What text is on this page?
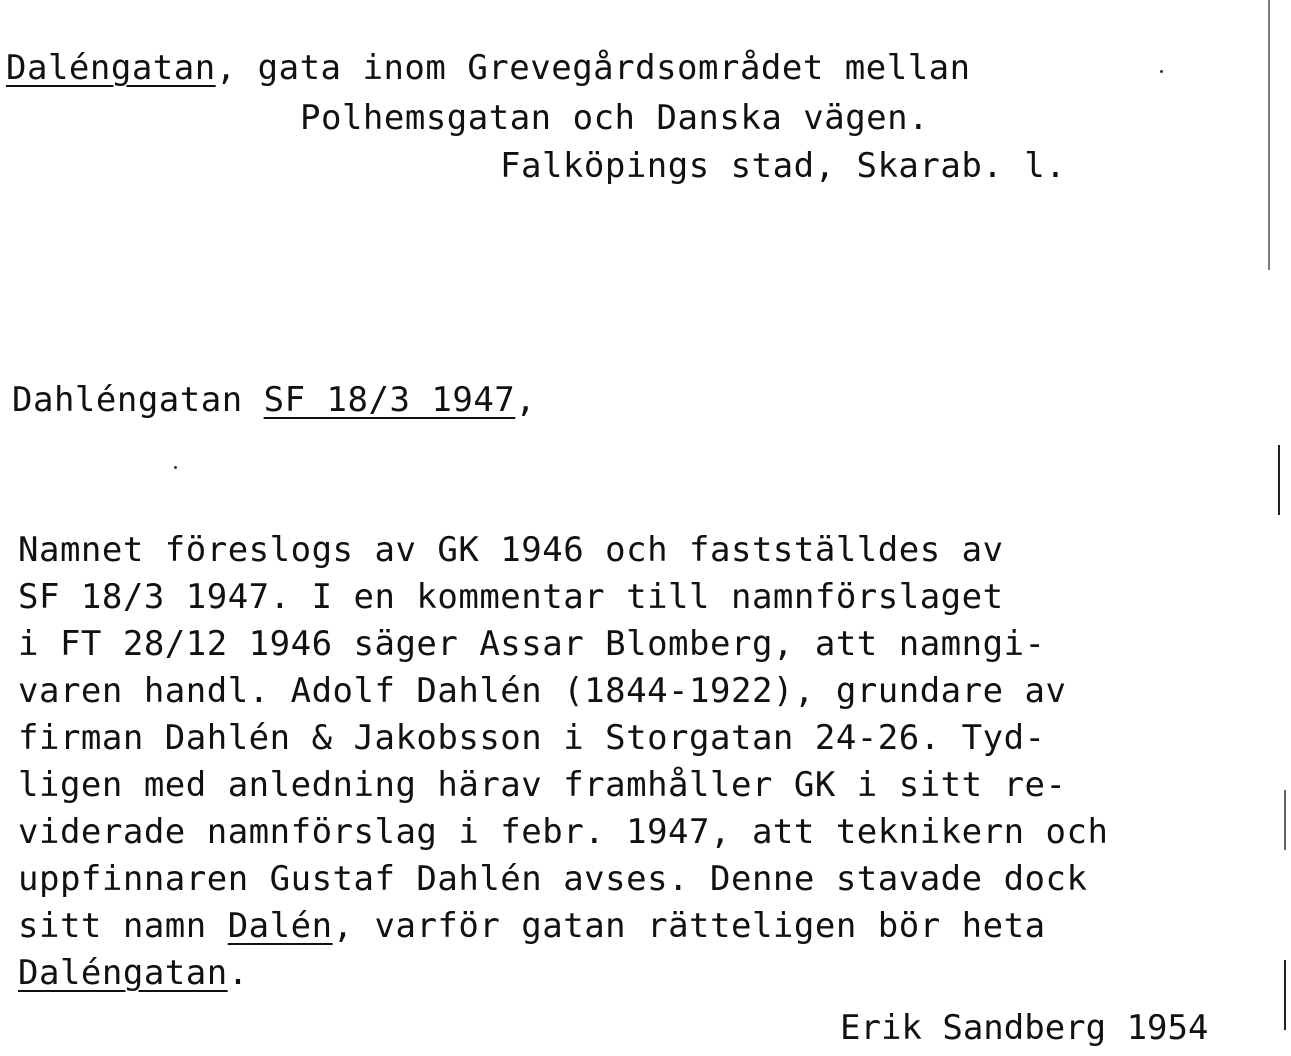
Daléngatan, gata inom Grevegårdsområdet mellan
Polhemsgatan och Danska vägen.
Falköpings stad, Skarab. l.
Dahléngatan SF 18/3 1947,
Namnet föreslogs av GK 1946 och fastställdes av
SF 18/3 1947. I en kommentar till namnförslaget
i FT 28/12 1946 säger Assar Blomberg, att namngi-
varen handl. Adolf Dahlén (1844-1922), grundare av
firman Dahlén & Jakobsson i Storgatan 24-26. Tyd-
ligen med anledning härav framhåller GK i sitt re-
viderade namnförslag i febr. 1947, att teknikern och
uppfinnaren Gustaf Dahlén avses. Denne stavade dock
sitt namn Dalén, varför gatan rätteligen bör heta
Daléngatan.
Erik Sandberg 1954
